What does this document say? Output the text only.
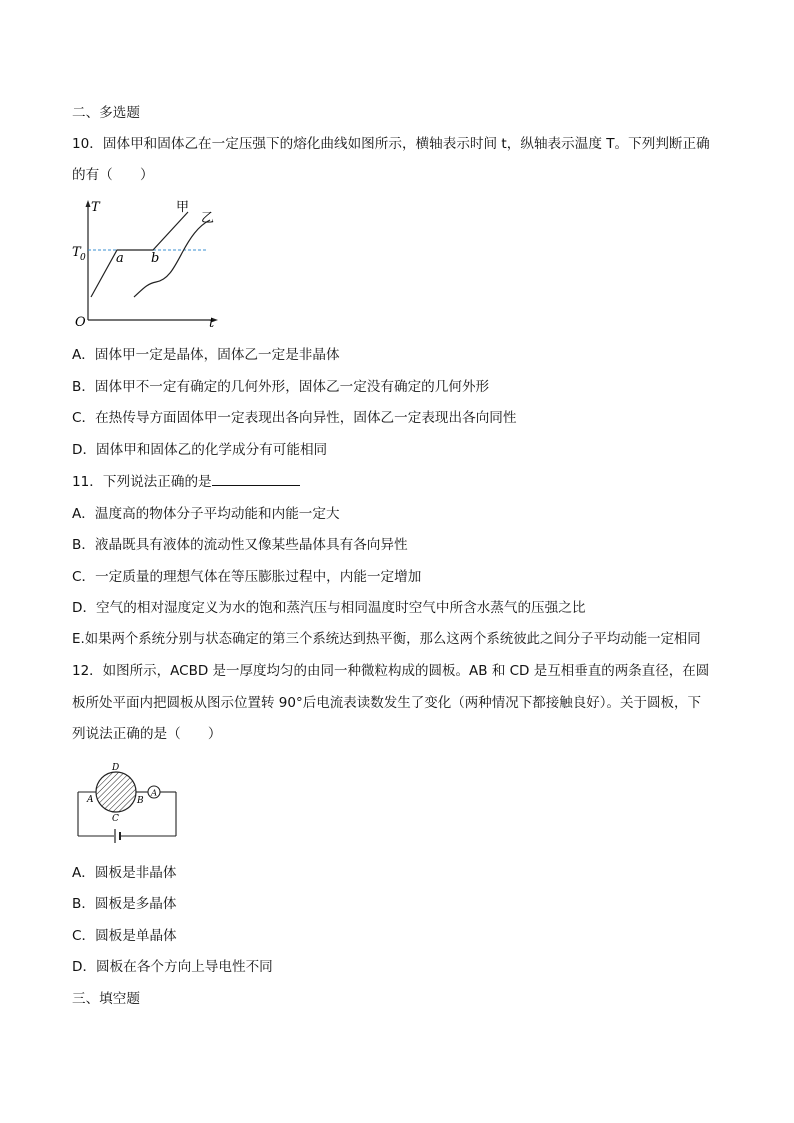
二、多选题
10．固体甲和固体乙在一定压强下的熔化曲线如图所示，横轴表示时间 t，纵轴表示温度 T。下列判断正确
的有（　　）
T
t
O
T 0 a b
甲
乙
A．固体甲一定是晶体，固体乙一定是非晶体
B．固体甲不一定有确定的几何外形，固体乙一定没有确定的几何外形
C．在热传导方面固体甲一定表现出各向异性，固体乙一定表现出各向同性
D．固体甲和固体乙的化学成分有可能相同
11．下列说法正确的是
A．温度高的物体分子平均动能和内能一定大
B．液晶既具有液体的流动性又像某些晶体具有各向异性
C．一定质量的理想气体在等压膨胀过程中，内能一定增加
D．空气的相对湿度定义为水的饱和蒸汽压与相同温度时空气中所含水蒸气的压强之比
E.如果两个系统分别与状态确定的第三个系统达到热平衡，那么这两个系统彼此之间分子平均动能一定相同
12．如图所示，ACBD 是一厚度均匀的由同一种微粒构成的圆板。AB 和 CD 是互相垂直的两条直径，在圆
板所处平面内把圆板从图示位置转 90°后电流表读数发生了变化（两种情况下都接触良好）。关于圆板，下
列说法正确的是（　　）
A
D
A	B
C
A．圆板是非晶体
B．圆板是多晶体
C．圆板是单晶体
D．圆板在各个方向上导电性不同
三、填空题
